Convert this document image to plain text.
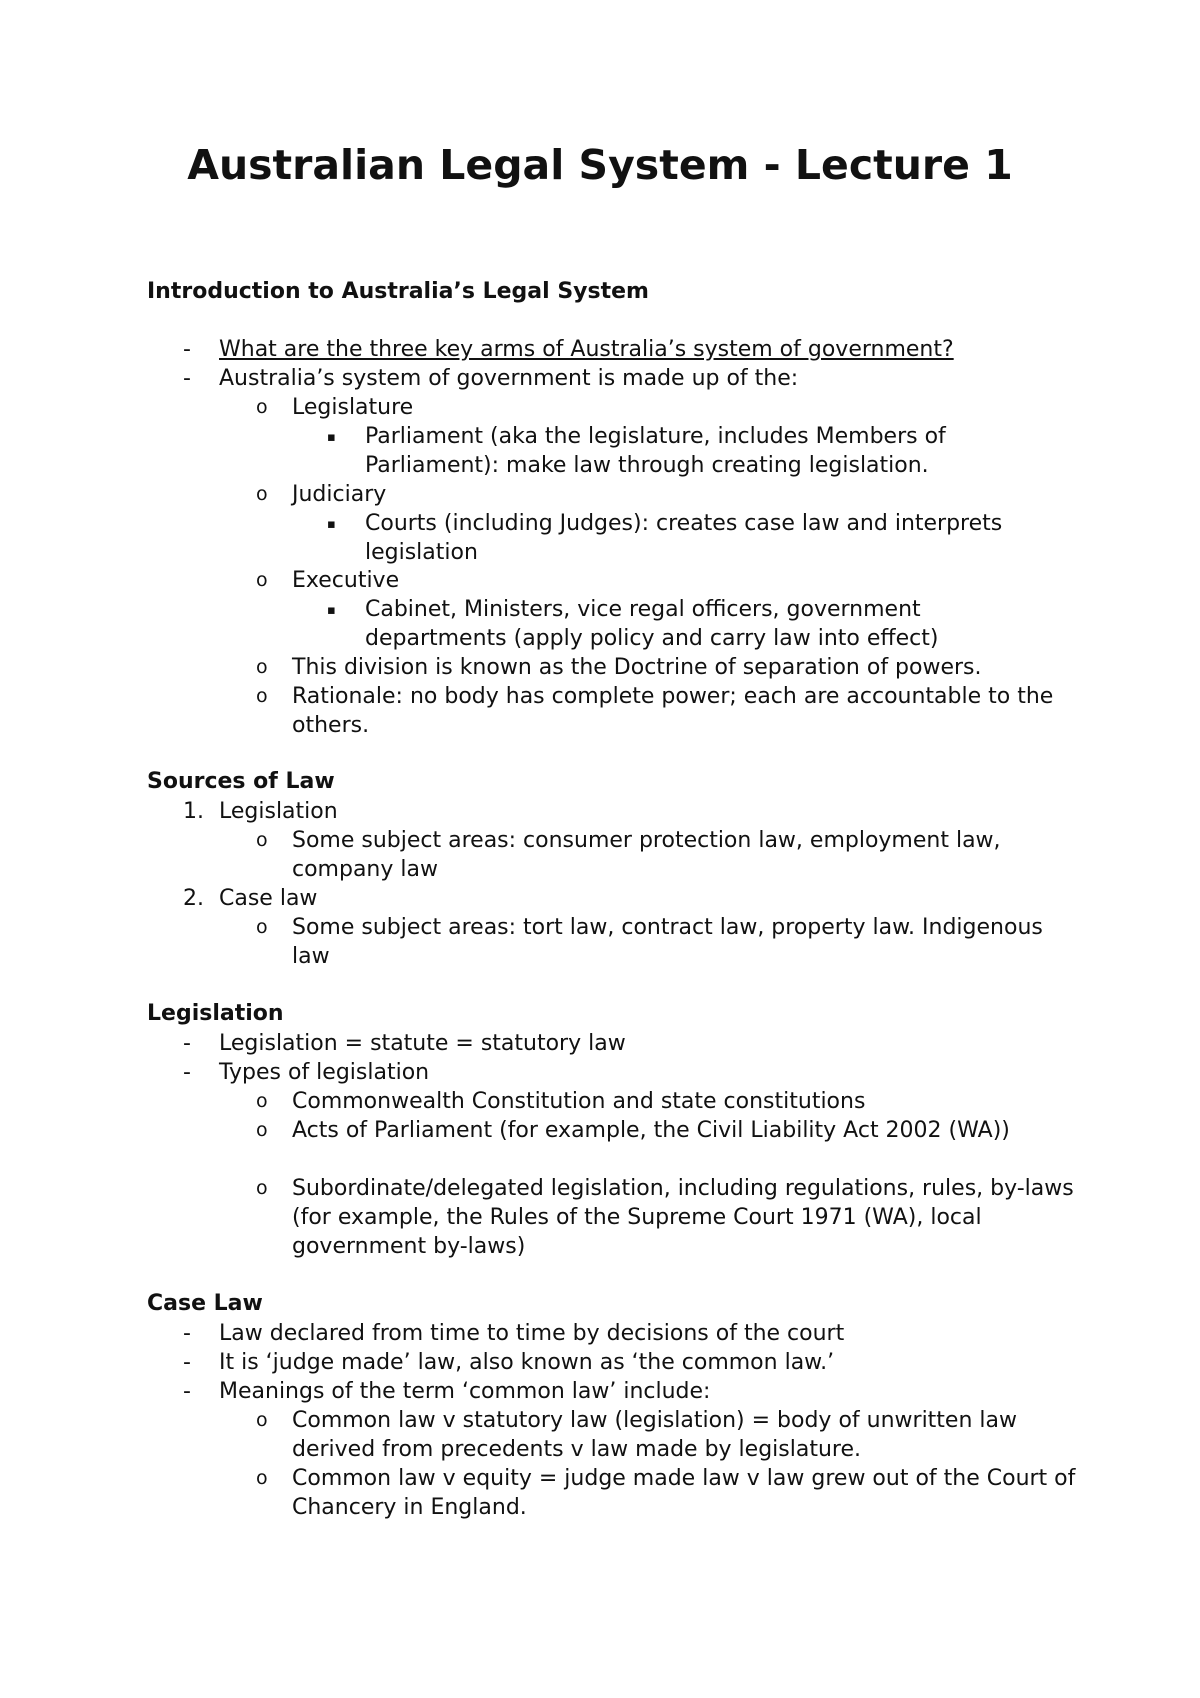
Australian Legal System - Lecture 1
Introduction to Australia’s Legal System
- What are the three key arms of Australia’s system of government?
- Australia’s system of government is made up of the:
o Legislature
▪ Parliament (aka the legislature, includes Members of Parliament): make law through creating legislation.
o Judiciary
▪ Courts (including Judges): creates case law and interprets legislation
o Executive
▪ Cabinet, Ministers, vice regal officers, government departments (apply policy and carry law into effect)
o This division is known as the Doctrine of separation of powers.
o Rationale: no body has complete power; each are accountable to the others.
Sources of Law
1. Legislation
o Some subject areas: consumer protection law, employment law, company law
2. Case law
o Some subject areas: tort law, contract law, property law. Indigenous law
Legislation
- Legislation = statute = statutory law
- Types of legislation
o Commonwealth Constitution and state constitutions
o Acts of Parliament (for example, the Civil Liability Act 2002 (WA))
o Subordinate/delegated legislation, including regulations, rules, by-laws (for example, the Rules of the Supreme Court 1971 (WA), local government by-laws)
Case Law
- Law declared from time to time by decisions of the court
- It is ‘judge made’ law, also known as ‘the common law.’
- Meanings of the term ‘common law’ include:
o Common law v statutory law (legislation) = body of unwritten law derived from precedents v law made by legislature.
o Common law v equity = judge made law v law grew out of the Court of Chancery in England.
